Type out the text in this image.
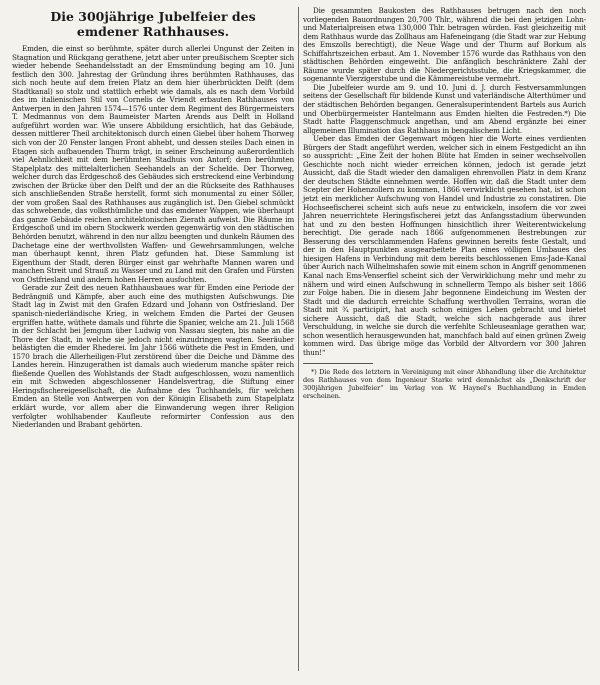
Die 300jährige Jubelfeier des emdener Rathhauses.

Emden, die einst so berühmte, später durch allerlei Ungunst der Zeiten in Stagnation und Rückgang gerathene, jetzt aber unter preußischem Scepter sich wieder hebende Seehandelsstadt an der Emsmündung beging am 10. Juni festlich den 300. Jahrestag der Gründung ihres berühmten Rathhauses, das sich noch heute auf dem freien Platz an dem hier überbrückten Delft (dem Stadtkanal) so stolz und stattlich erhebt wie damals, als es nach dem Vorbild des im italienischen Stil von Cornelis de Vriendt erbauten Rathhauses von Antwerpen in den Jahren 1574—1576 unter dem Regiment des Bürgermeisters T. Medmannus von dem Baumeister Marten Arends aus Delft in Holland aufgeführt worden war. Wie unsere Abbildung ersichtlich, hat das Gebäude, dessen mittlerer Theil architektonisch durch einen Giebel über hohem Thorweg sich von der 20 Fenster langen Front abhebt, und dessen steiles Dach einen in Etagen sich aufbauenden Thurm trägt, in seiner Erscheinung außerordentlich viel Aehnlichkeit mit dem berühmten Stadhuis von Antorf; dem berühmten Stapelplatz des mittelalterlichen Seehandels an der Schelde. Der Thorweg, welcher durch das Erdgeschoß des Gebäudes sich erstreckend eine Verbindung zwischen der Brücke über den Delft und der an die Rückseite des Rathhauses sich anschließenden Straße herstellt, formt sich monumental zu einer Söller, der vom großen Saal des Rathhauses aus zugänglich ist. Den Giebel schmückt das schwebende, das volksthümliche und das emdener Wappen, wie überhaupt das ganze Gebäude reichen architektonischen Zierath aufweist. Die Räume im Erdgeschoß und im obern Stockwerk werden gegenwärtig von den städtischen Behörden benutzt, während in den nur allzu beengten und dunkeln Räumen des Dachetage eine der werthvollsten Waffen- und Gewehrsammlungen, welche man überhaupt kennt, ihren Platz gefunden hat. Diese Sammlung ist Eigenthum der Stadt, deren Bürger einst gar wehrhafte Mannen waren und manchen Streit und Strauß zu Wasser und zu Land mit den Grafen und Fürsten von Ostfriesland und andern hohen Herren ausfochten.

Gerade zur Zeit des neuen Rathhausbaues war für Emden eine Periode der Bedrängniß und Kämpfe, aber auch eine des muthigsten Aufschwungs. Die Stadt lag in Zwist mit den Grafen Edzard und Johann von Ostfriesland. Der spanisch-niederländische Krieg, in welchem Emden die Partei der Geusen ergriffen hatte, wüthete damals und führte die Spanier, welche am 21. Juli 1568 in der Schlacht bei Jemgum über Ludwig von Nassau siegten, bis nahe an die Thore der Stadt, in welche sie jedoch nicht einzudringen wagten. Seeräuber belästigten die emder Rhederei. Im Jahr 1566 wüthete die Pest in Emden, und 1570 brach die Allerheiligen-Flut zerstörend über die Deiche und Dämme des Landes herein. Hinzugerathen ist damals auch wiederum manche später reich fließende Quellen des Wohlstands der Stadt aufgeschlossen, wozu namentlich ein mit Schweden abgeschlossener Handelsvertrag, die Stiftung einer Heringsfischereigesellschaft, die Aufnahme des Tuchhandels, für welchen Emden an Stelle von Antwerpen von der Königin Elisabeth zum Stapelplatz erklärt wurde, vor allem aber die Einwanderung wegen ihrer Religion verfolgter wohlhabender Kaufleute reformirter Confession aus den Niederlanden und Brabant gehörten.

Die gesammten Baukosten des Rathhauses betrugen nach den noch vorliegenden Bauordnungen 20,700 Thlr., während die bei den jetzigen Lohn- und Materialpreisen etwa 130,000 Thlr. betragen würden. Fast gleichzeitig mit dem Rathhaus wurde das Zollhaus am Hafeneingang (die Stadt war zur Hebung des Emszolls berechtigt), die Neue Wage und der Thurm auf Borkum als Schiffahrtszeichen erbaut. Am 1. November 1576 wurde das Rathhaus von den städtischen Behörden eingeweiht. Die anfänglich beschränktere Zahl der Räume wurde später durch die Niedergerichtsstube, die Kriegskammer, die sogenannte Vierzigerstube und die Kämmereistube vermehrt.

Die Jubelfeier wurde am 9. und 10. Juni d. J. durch Festversammlungen seitens der Gesellschaft für bildende Kunst und vaterländische Alterthümer und der städtischen Behörden begangen. Generalsuperintendent Bartels aus Aurich und Oberbürgermeister Hantelmann aus Emden hielten die Festreden.*) Die Stadt hatte Flaggenschmuck angethan, und am Abend ergänzte bei einer allgemeinen Illumination das Rathhaus in bengalischem Licht.

Ueber das Emden der Gegenwart mögen hier die Worte eines verdienten Bürgers der Stadt angeführt werden, welcher sich in einem Festgedicht an ihn so ausspricht: „Eine Zeit der hohen Blüte hat Emden in seiner wechselvollen Geschichte noch nicht wieder erreichen können, jedoch ist gerade jetzt Aussicht, daß die Stadt wieder den damaligen ehrenvollen Platz in dem Kranz der deutschen Städte einnehmen werde. Hoffen wir, daß die Stadt unter dem Scepter der Hohenzollern zu kommen, 1866 verwirklicht gesehen hat, ist schon jetzt ein merklicher Aufschwung von Handel und Industrie zu constatiren. Die Hochseefischerei scheint sich aufs neue zu entwickeln, insofern die vor zwei Jahren neuerrichtete Heringsfischerei jetzt das Anfangsstadium überwunden hat und zu den besten Hoffnungen hinsichtlich ihrer Weiterentwickelung berechtigt. Die gerade nach 1866 aufgenommenen Bestrebungen zur Besserung des verschlammenden Hafens gewinnen bereits feste Gestalt, und der in den Hauptpunkten ausgearbeitete Plan eines völligen Umbaues des hiesigen Hafens in Verbindung mit dem bereits beschlossenen Ems-Jade-Kanal über Aurich nach Wilhelmshafen sowie mit einem schon in Angriff genommenen Kanal nach Ems-Venserfiel scheint sich der Verwirklichung mehr und mehr zu nähern und wird einen Aufschwung in schnellerm Tempo als bisher seit 1866 zur Folge haben. Die in diesem Jahr begonnene Eindeichung im Westen der Stadt und die dadurch erreichte Schaffung werthvollen Terrains, woran die Stadt mit ³⁄₄ participirt, hat auch schon einiges Leben gebracht und bietet sichere Aussicht, daß die Stadt, welche sich nachgerade aus ihrer Verschuldung, in welche sie durch die verfehlte Schleuseanlage gerathen war, schon wesentlich herausgewunden hat, manchfach bald auf einen grünen Zweig kommen wird. Das übrige möge das Vorbild der Altvordern vor 300 Jahren thun!“

*) Die Rede des letztern in Vereinigung mit einer Abhandlung über die Architektur des Rathhauses von dem Ingenieur Starke wird demnächst als „Denkschrift der 300jährigen Jubelfeier“ im Verlag von W. Haynel's Buchhandlung in Emden erscheinen.
